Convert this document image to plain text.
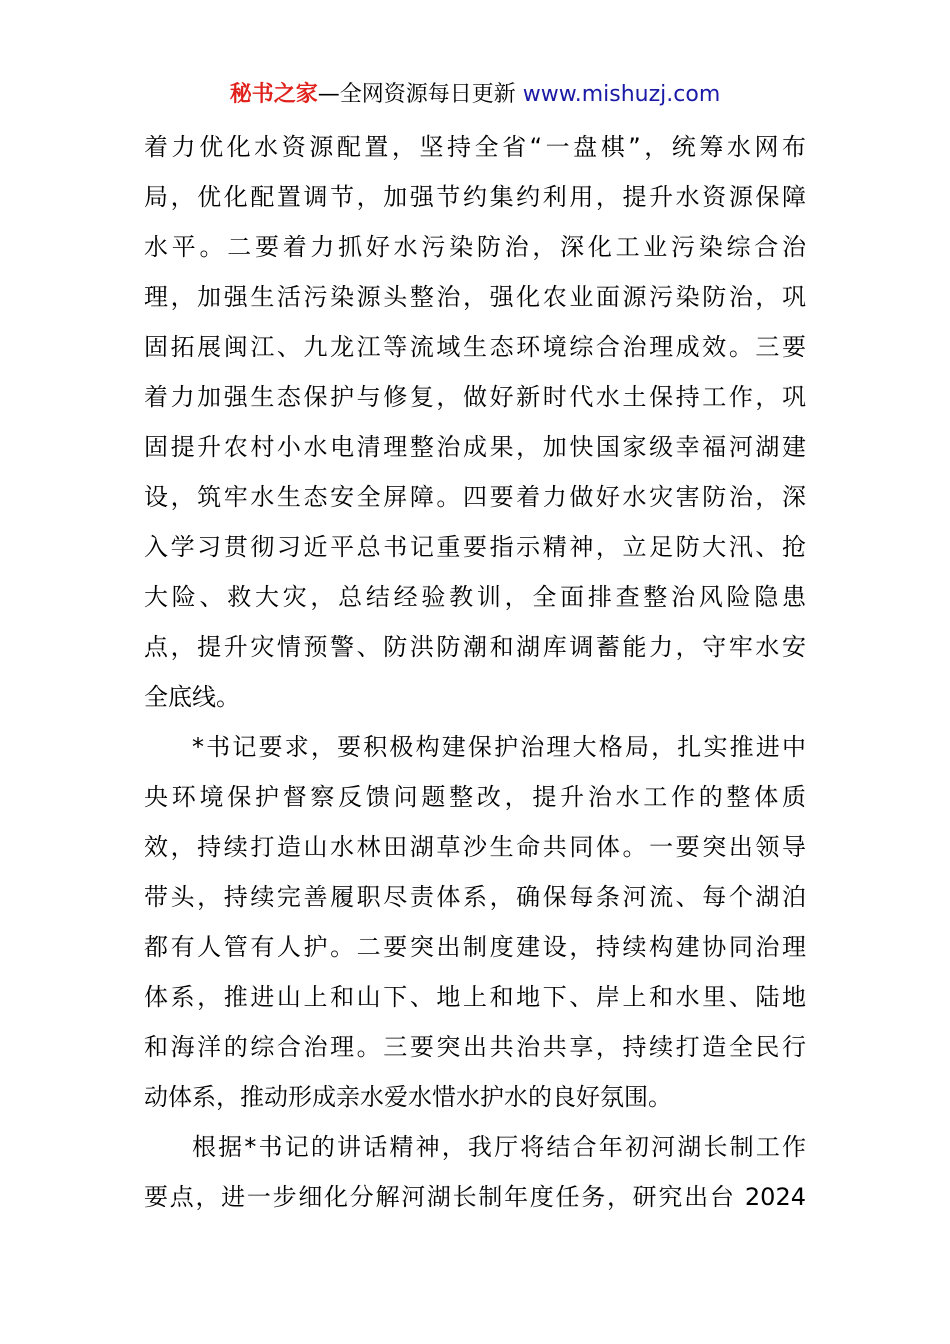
秘书之家—全网资源每日更新 www.mishuzj.com
着力优化水资源配置，坚持全省“一盘棋”，统筹水网布
局，优化配置调节，加强节约集约利用，提升水资源保障
水平。二要着力抓好水污染防治，深化工业污染综合治
理，加强生活污染源头整治，强化农业面源污染防治，巩
固拓展闽江、九龙江等流域生态环境综合治理成效。三要
着力加强生态保护与修复，做好新时代水土保持工作，巩
固提升农村小水电清理整治成果，加快国家级幸福河湖建
设，筑牢水生态安全屏障。四要着力做好水灾害防治，深
入学习贯彻习近平总书记重要指示精神，立足防大汛、抢
大险、救大灾，总结经验教训，全面排查整治风险隐患
点，提升灾情预警、防洪防潮和湖库调蓄能力，守牢水安
全底线。
*书记要求，要积极构建保护治理大格局，扎实推进中
央环境保护督察反馈问题整改，提升治水工作的整体质
效，持续打造山水林田湖草沙生命共同体。一要突出领导
带头，持续完善履职尽责体系，确保每条河流、每个湖泊
都有人管有人护。二要突出制度建设，持续构建协同治理
体系，推进山上和山下、地上和地下、岸上和水里、陆地
和海洋的综合治理。三要突出共治共享，持续打造全民行
动体系，推动形成亲水爱水惜水护水的良好氛围。
根据*书记的讲话精神，我厅将结合年初河湖长制工作
要点，进一步细化分解河湖长制年度任务，研究出台 2024
